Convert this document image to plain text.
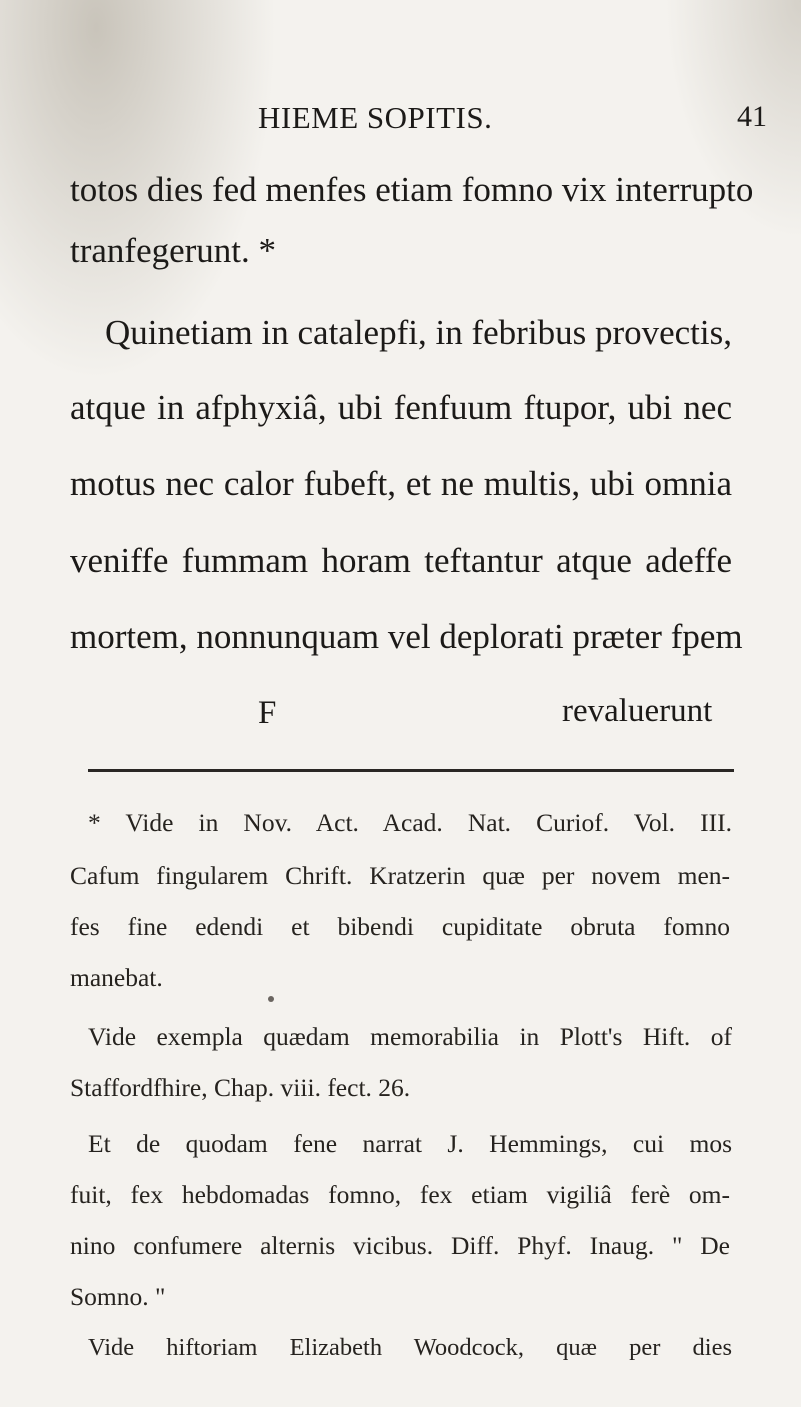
HIEME SOPITIS.	41
totos dies fed menfes etiam fomno vix interrupto
tranfegerunt. *
Quinetiam in catalepfi, in febribus provectis,
atque in afphyxiâ, ubi fenfuum ftupor, ubi nec
motus nec calor fubeft, et ne multis, ubi omnia
veniffe fummam horam teftantur atque adeffe
mortem, nonnunquam vel deplorati præter fpem
F	revaluerunt
* Vide in Nov. Act. Acad. Nat. Curiof. Vol. III.
Cafum fingularem Chrift. Kratzerin quæ per novem men-
fes fine edendi et bibendi cupiditate obruta fomno
manebat.
Vide exempla quædam memorabilia in Plott's Hift. of
Staffordfhire, Chap. viii. fect. 26.
Et de quodam fene narrat J. Hemmings, cui mos
fuit, fex hebdomadas fomno, fex etiam vigiliâ ferè om-
nino confumere alternis vicibus. Diff. Phyf. Inaug. " De
Somno. "
Vide hiftoriam Elizabeth Woodcock, quæ per dies
